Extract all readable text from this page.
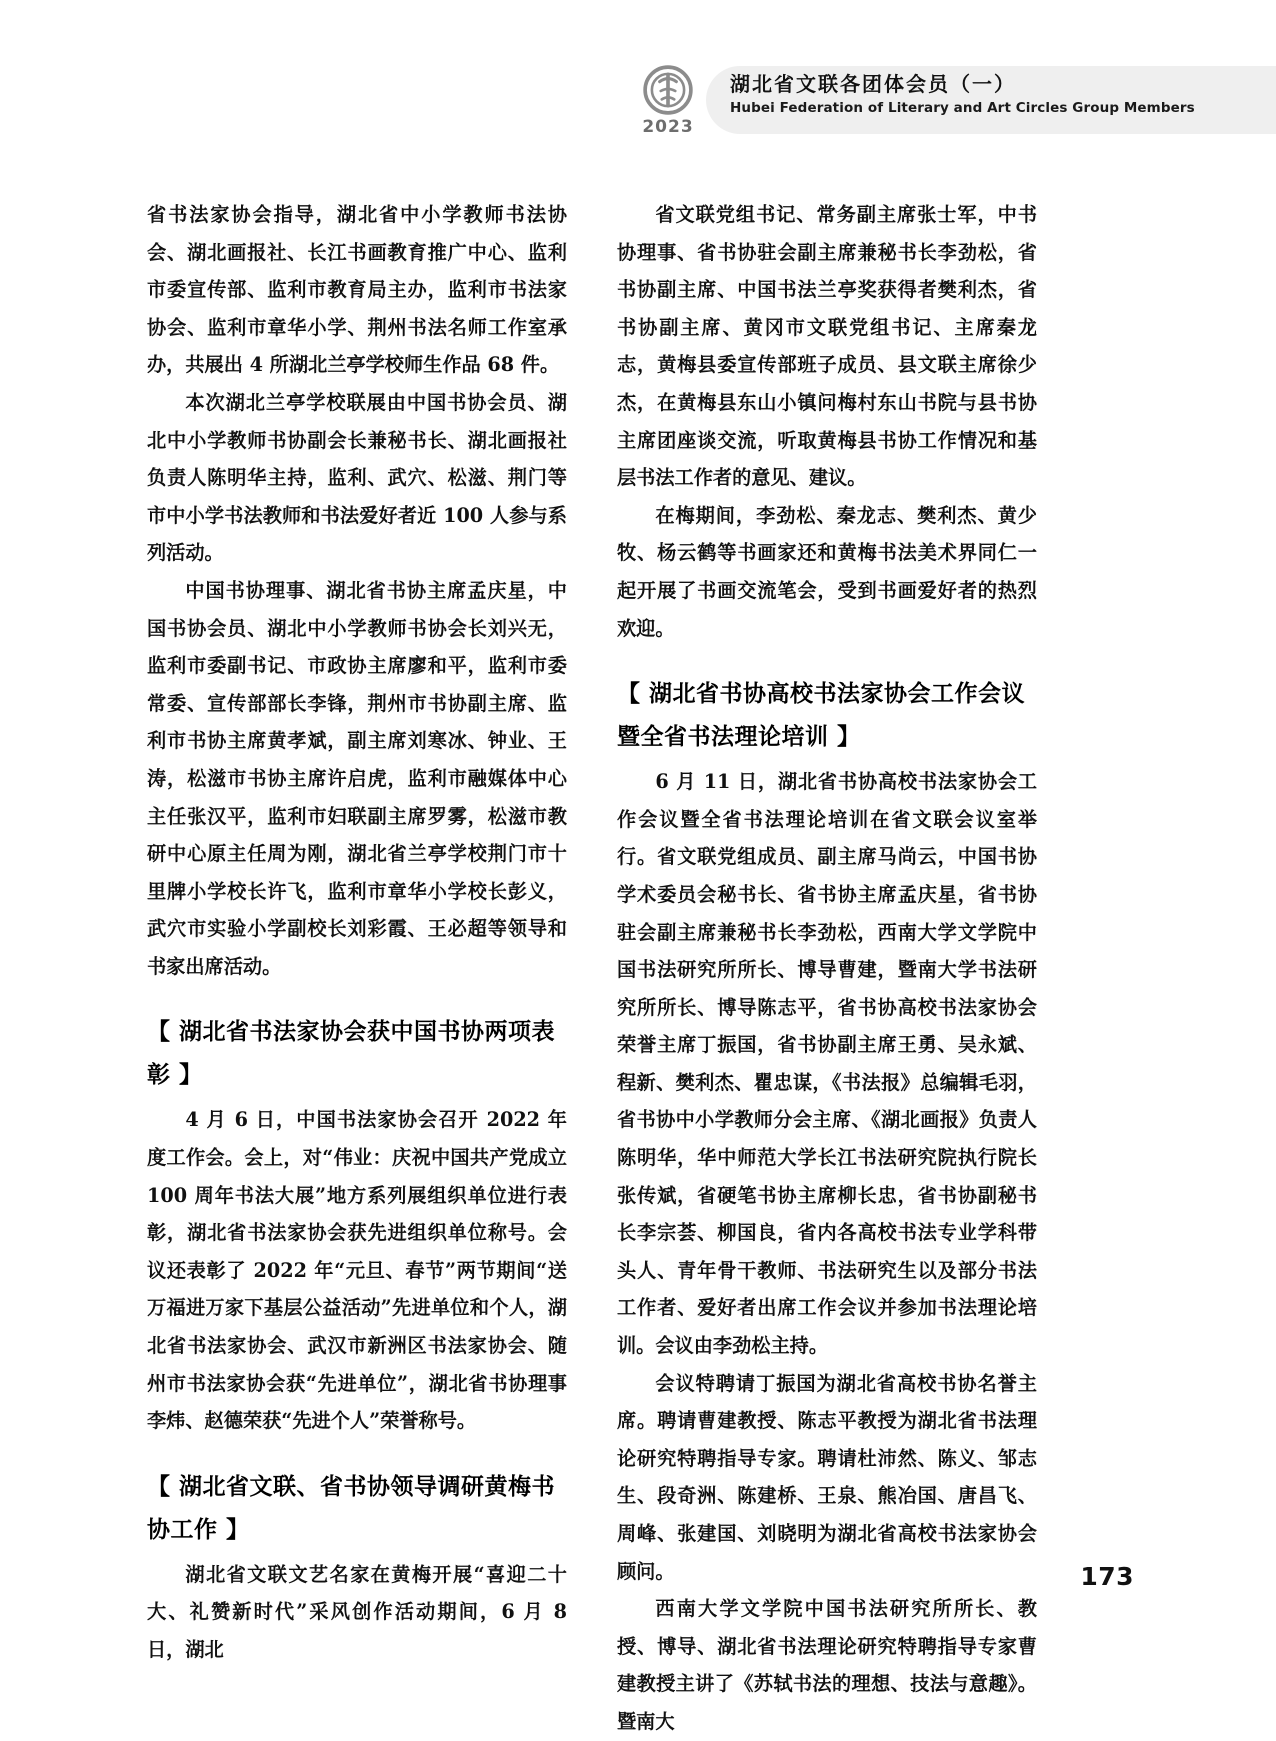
2023
湖北省文联各团体会员（一）
Hubei Federation of Literary and Art Circles Group Members

省书法家协会指导，湖北省中小学教师书法协会、湖北画报社、长江书画教育推广中心、监利市委宣传部、监利市教育局主办，监利市书法家协会、监利市章华小学、荆州书法名师工作室承办，共展出 4 所湖北兰亭学校师生作品 68 件。

本次湖北兰亭学校联展由中国书协会员、湖北中小学教师书协副会长兼秘书长、湖北画报社负责人陈明华主持，监利、武穴、松滋、荆门等市中小学书法教师和书法爱好者近 100 人参与系列活动。

中国书协理事、湖北省书协主席孟庆星，中国书协会员、湖北中小学教师书协会长刘兴无，监利市委副书记、市政协主席廖和平，监利市委常委、宣传部部长李锋，荆州市书协副主席、监利市书协主席黄孝斌，副主席刘寒冰、钟业、王涛，松滋市书协主席许启虎，监利市融媒体中心主任张汉平，监利市妇联副主席罗雾，松滋市教研中心原主任周为刚，湖北省兰亭学校荆门市十里牌小学校长许飞，监利市章华小学校长彭义，武穴市实验小学副校长刘彩霞、王必超等领导和书家出席活动。

【 湖北省书法家协会获中国书协两项表彰 】

4 月 6 日，中国书法家协会召开 2022 年度工作会。会上，对“伟业：庆祝中国共产党成立 100 周年书法大展”地方系列展组织单位进行表彰，湖北省书法家协会获先进组织单位称号。会议还表彰了 2022 年“元旦、春节”两节期间“送万福进万家下基层公益活动”先进单位和个人，湖北省书法家协会、武汉市新洲区书法家协会、随州市书法家协会获“先进单位”，湖北省书协理事李炜、赵德荣获“先进个人”荣誉称号。

【 湖北省文联、省书协领导调研黄梅书协工作 】

湖北省文联文艺名家在黄梅开展“喜迎二十大、礼赞新时代”采风创作活动期间，6 月 8 日，湖北

省文联党组书记、常务副主席张士军，中书协理事、省书协驻会副主席兼秘书长李劲松，省书协副主席、中国书法兰亭奖获得者樊利杰，省书协副主席、黄冈市文联党组书记、主席秦龙志，黄梅县委宣传部班子成员、县文联主席徐少杰，在黄梅县东山小镇问梅村东山书院与县书协主席团座谈交流，听取黄梅县书协工作情况和基层书法工作者的意见、建议。

在梅期间，李劲松、秦龙志、樊利杰、黄少牧、杨云鹤等书画家还和黄梅书法美术界同仁一起开展了书画交流笔会，受到书画爱好者的热烈欢迎。

【 湖北省书协高校书法家协会工作会议暨全省书法理论培训 】

6 月 11 日，湖北省书协高校书法家协会工作会议暨全省书法理论培训在省文联会议室举行。省文联党组成员、副主席马尚云，中国书协学术委员会秘书长、省书协主席孟庆星，省书协驻会副主席兼秘书长李劲松，西南大学文学院中国书法研究所所长、博导曹建，暨南大学书法研究所所长、博导陈志平，省书协高校书法家协会荣誉主席丁振国，省书协副主席王勇、吴永斌、程新、樊利杰、瞿忠谋，《书法报》总编辑毛羽，省书协中小学教师分会主席、《湖北画报》负责人陈明华，华中师范大学长江书法研究院执行院长张传斌，省硬笔书协主席柳长忠，省书协副秘书长李宗荟、柳国良，省内各高校书法专业学科带头人、青年骨干教师、书法研究生以及部分书法工作者、爱好者出席工作会议并参加书法理论培训。会议由李劲松主持。

会议特聘请丁振国为湖北省高校书协名誉主席。聘请曹建教授、陈志平教授为湖北省书法理论研究特聘指导专家。聘请杜沛然、陈义、邹志生、段奇洲、陈建桥、王泉、熊冶国、唐昌飞、周峰、张建国、刘晓明为湖北省高校书法家协会顾问。

西南大学文学院中国书法研究所所长、教授、博导、湖北省书法理论研究特聘指导专家曹建教授主讲了《苏轼书法的理想、技法与意趣》。暨南大

173
